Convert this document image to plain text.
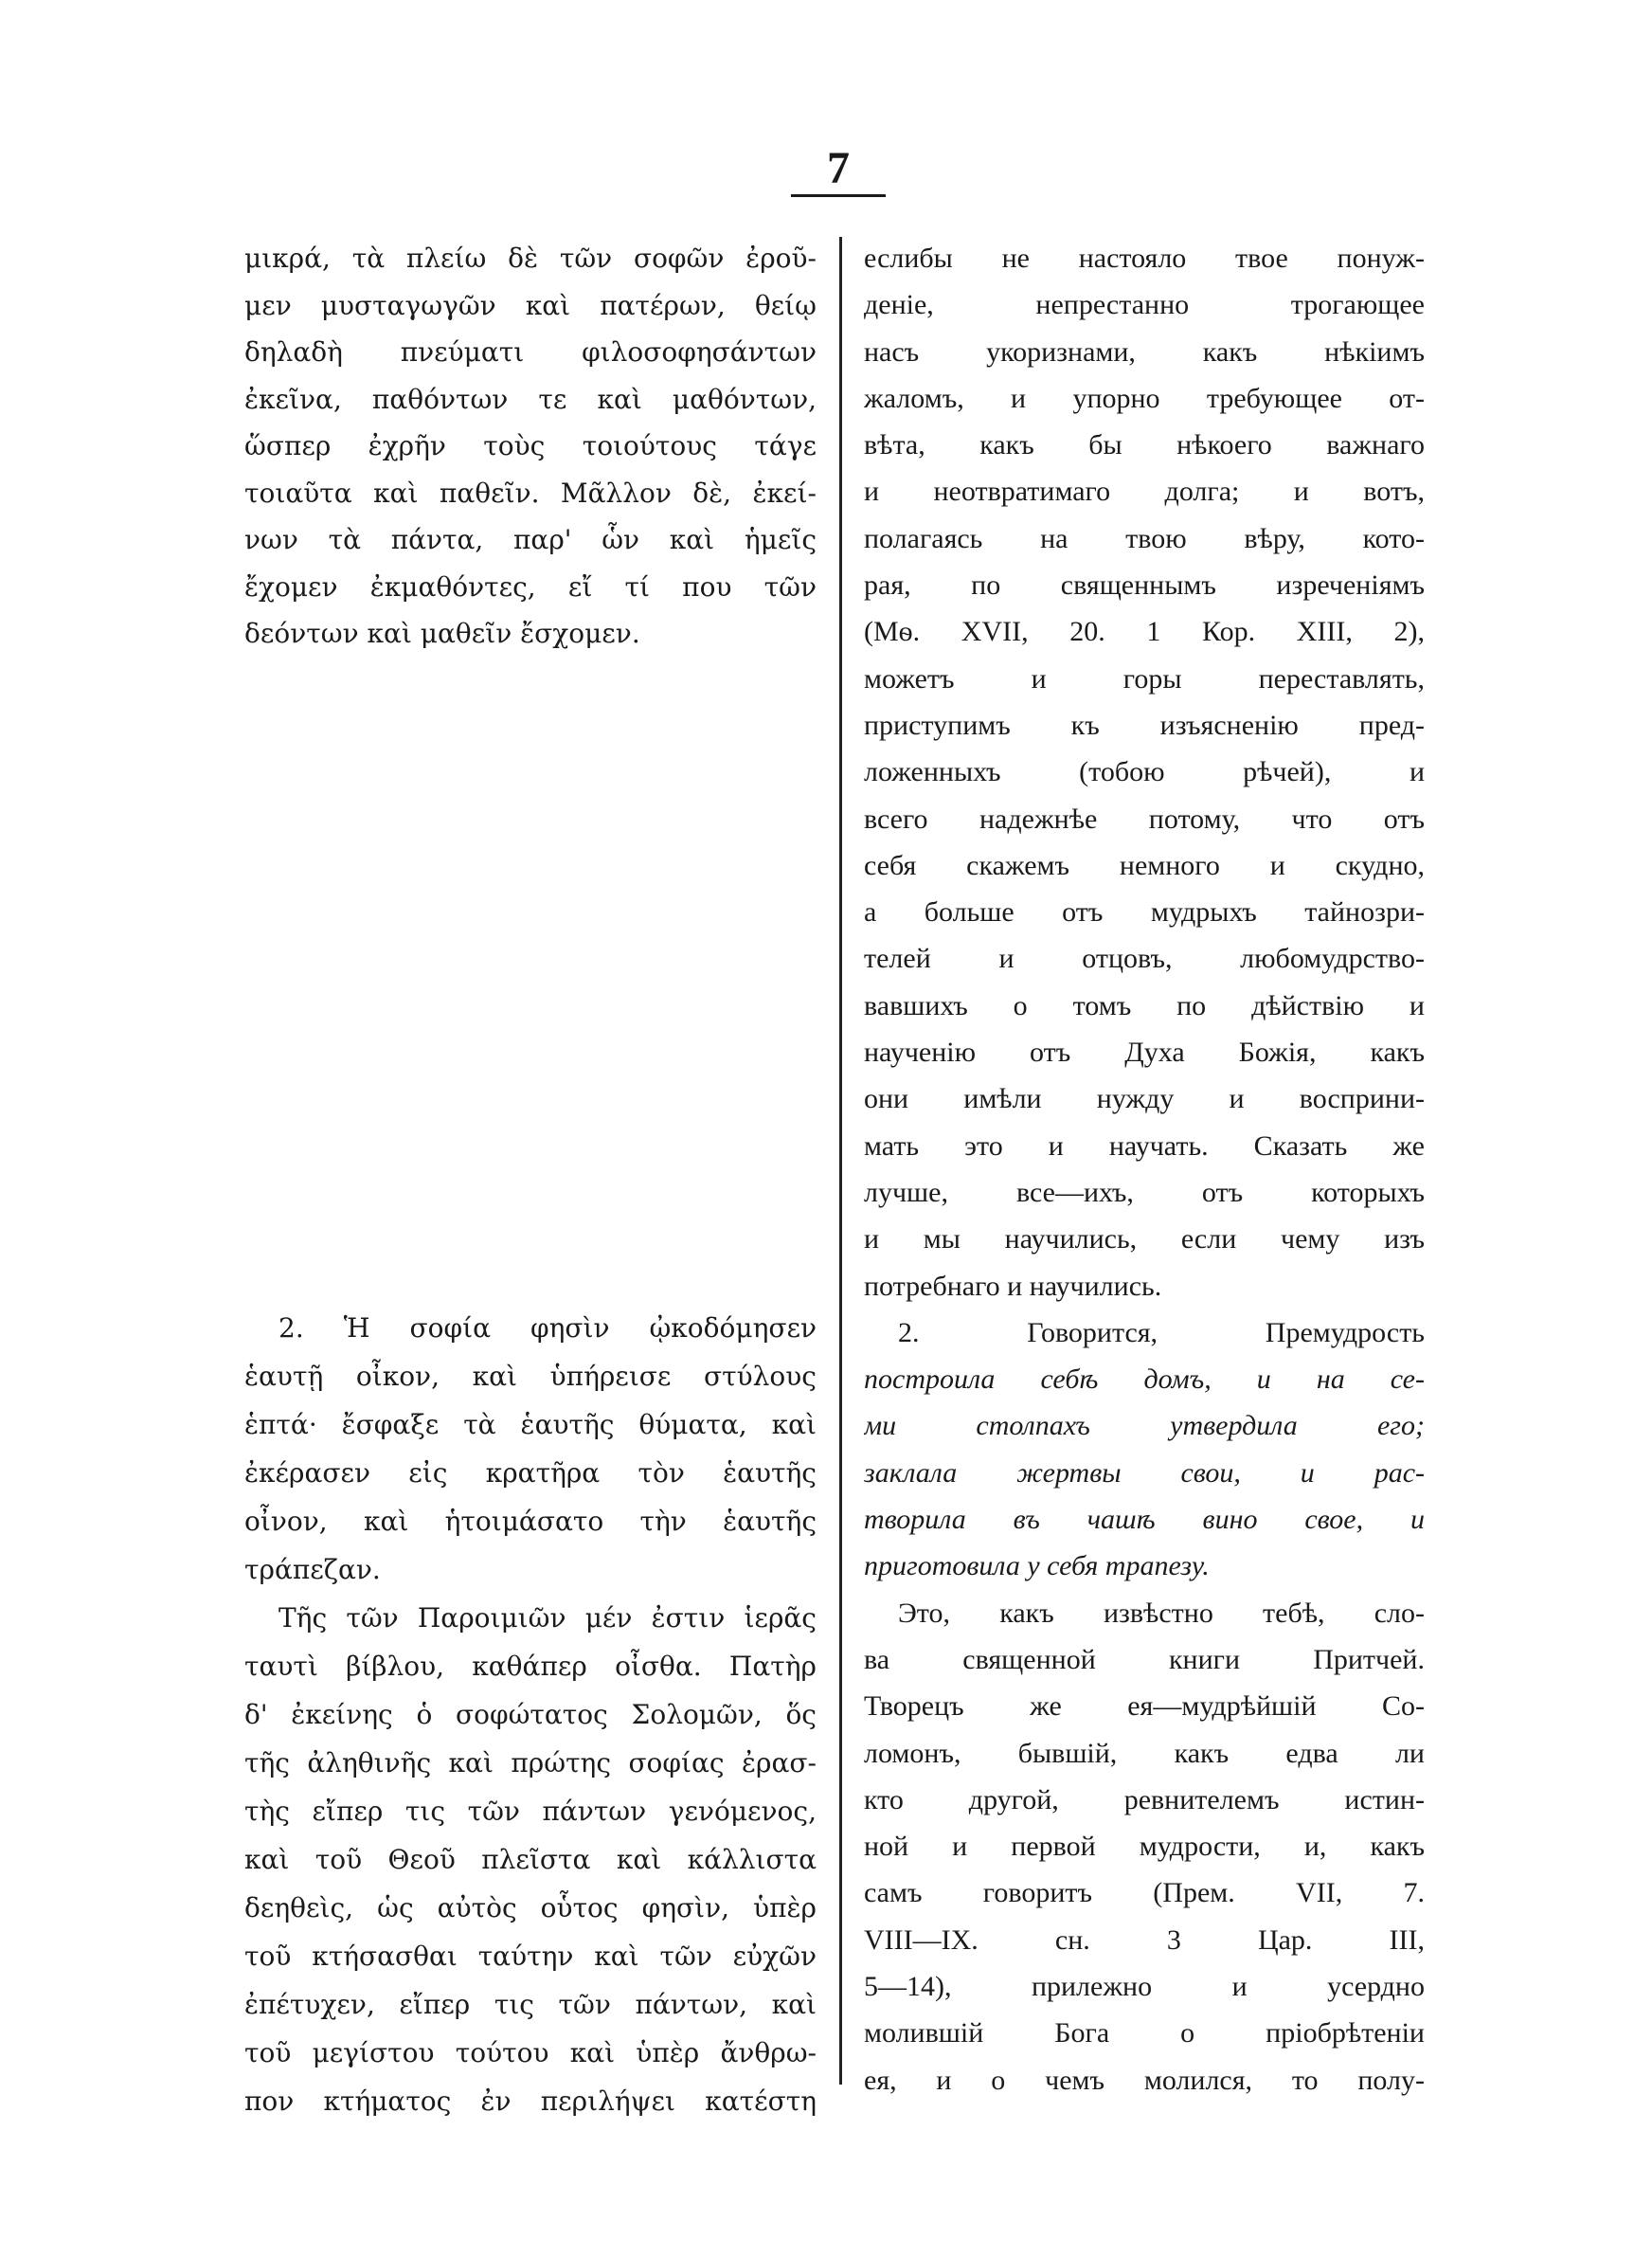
7
μικρά, τὰ πλείω δὲ τῶν σοφῶν ἐροῦ-
μεν μυσταγωγῶν καὶ πατέρων, θείῳ
δηλαδὴ πνεύματι φιλοσοφησάντων
ἐκεῖνα, παθόντων τε καὶ μαθόντων,
ὥσπερ ἐχρῆν τοὺς τοιούτους τάγε
τοιαῦτα καὶ παθεῖν. Μᾶλλον δὲ, ἐκεί-
νων τὰ πάντα, παρ' ὧν καὶ ἡμεῖς
ἔχομεν ἐκμαθόντες, εἴ τί που τῶν
δεόντων καὶ μαθεῖν ἔσχομεν.
2. Ἡ σοφία φησὶν ᾠκοδόμησεν
ἑαυτῇ οἶκον, καὶ ὑπήρεισε στύλους
ἑπτά· ἔσφαξε τὰ ἑαυτῆς θύματα, καὶ
ἐκέρασεν εἰς κρατῆρα τὸν ἑαυτῆς
οἶνον, καὶ ἡτοιμάσατο τὴν ἑαυτῆς
τράπεζαν.
Τῆς τῶν Παροιμιῶν μέν ἐστιν ἱερᾶς
ταυτὶ βίβλου, καθάπερ οἶσθα. Πατὴρ
δ' ἐκείνης ὁ σοφώτατος Σολομῶν, ὅς
τῆς ἀληθινῆς καὶ πρώτης σοφίας ἐρασ-
τὴς εἴπερ τις τῶν πάντων γενόμενος,
καὶ τοῦ Θεοῦ πλεῖστα καὶ κάλλιστα
δεηθεὶς, ὡς αὐτὸς οὗτος φησὶν, ὑπὲρ
τοῦ κτήσασθαι ταύτην καὶ τῶν εὐχῶν
ἐπέτυχεν, εἴπερ τις τῶν πάντων, καὶ
τοῦ μεγίστου τούτου καὶ ὑπὲρ ἄνθρω-
πον κτήματος ἐν περιλήψει κατέστη
еслибы не настояло твое понуж-
деніе, непрестанно трогающее
насъ укоризнами, какъ нѣкіимъ
жаломъ, и упорно требующее от-
вѣта, какъ бы нѣкоего важнаго
и неотвратимаго долга; и вотъ,
полагаясь на твою вѣру, кото-
рая, по священнымъ изреченіямъ
(Мѳ. XVII, 20. 1 Кор. XIII, 2),
можетъ и горы переставлять,
приступимъ къ изъясненію пред-
ложенныхъ (тобою рѣчей), и
всего надежнѣе потому, что отъ
себя скажемъ немного и скудно,
а больше отъ мудрыхъ тайнозри-
телей и отцовъ, любомудрство-
вавшихъ о томъ по дѣйствію и
наученію отъ Духа Божія, какъ
они имѣли нужду и восприни-
мать это и научать. Сказать же
лучше, все—ихъ, отъ которыхъ
и мы научились, если чему изъ
потребнаго и научились.
2. Говорится, Премудрость
построила себѣ домъ, и на се-
ми столпахъ утвердила его;
заклала жертвы свои, и рас-
творила въ чашѣ вино свое, и
приготовила у себя трапезу.
Это, какъ извѣстно тебѣ, сло-
ва священной книги Притчей.
Творецъ же ея—мудрѣйшій Со-
ломонъ, бывшій, какъ едва ли
кто другой, ревнителемъ истин-
ной и первой мудрости, и, какъ
самъ говоритъ (Прем. VII, 7.
VIII—IX. сн. 3 Цар. III,
5—14), прилежно и усердно
молившій Бога о пріобрѣтеніи
ея, и о чемъ молился, то полу-
